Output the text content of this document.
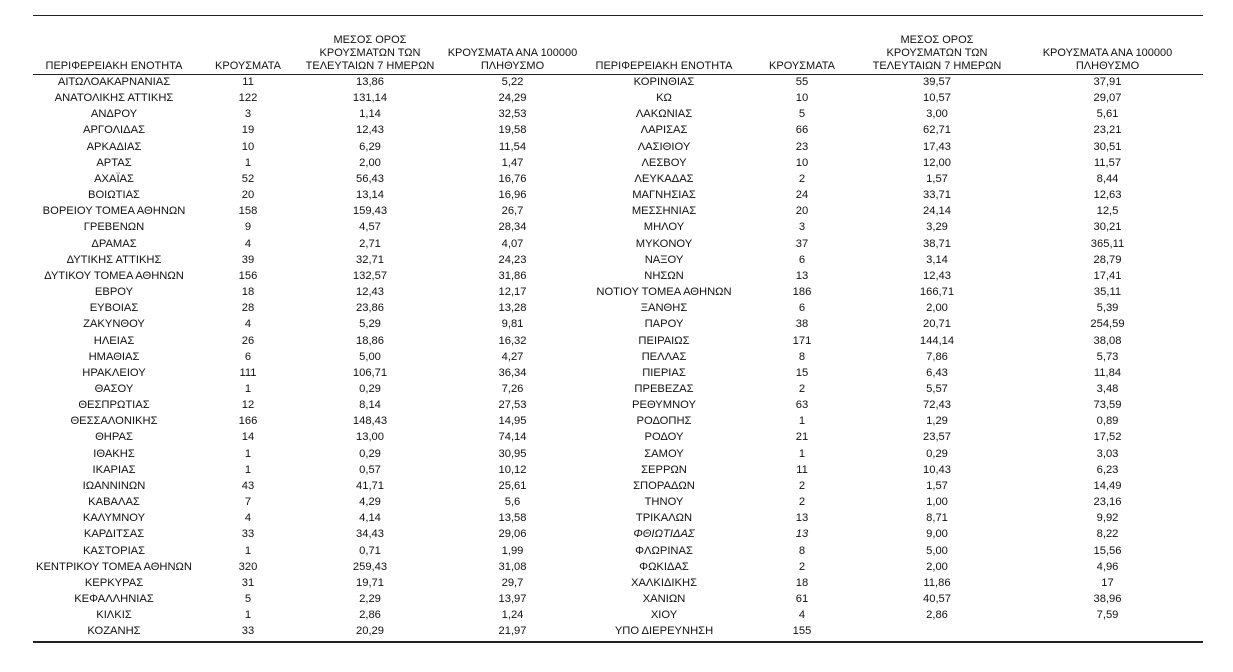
ΠΕΡΙΦΕΡΕΙΑΚΗ ΕΝΟΤΗΤΑ	ΚΡΟΥΣΜΑΤΑ	ΜΕΣΟΣ ΟΡΟΣ ΚΡΟΥΣΜΑΤΩΝ ΤΩΝ ΤΕΛΕΥΤΑΙΩΝ 7 ΗΜΕΡΩΝ	ΚΡΟΥΣΜΑΤΑ ΑΝΑ 100000 ΠΛΗΘΥΣΜΟ	ΠΕΡΙΦΕΡΕΙΑΚΗ ΕΝΟΤΗΤΑ	ΚΡΟΥΣΜΑΤΑ	ΜΕΣΟΣ ΟΡΟΣ ΚΡΟΥΣΜΑΤΩΝ ΤΩΝ ΤΕΛΕΥΤΑΙΩΝ 7 ΗΜΕΡΩΝ	ΚΡΟΥΣΜΑΤΑ ΑΝΑ 100000 ΠΛΗΘΥΣΜΟ
ΑΙΤΩΛΟΑΚΑΡΝΑΝΙΑΣ	11	13,86	5,22	ΚΟΡΙΝΘΙΑΣ	55	39,57	37,91
ΑΝΑΤΟΛΙΚΗΣ ΑΤΤΙΚΗΣ	122	131,14	24,29	ΚΩ	10	10,57	29,07
ΑΝΔΡΟΥ	3	1,14	32,53	ΛΑΚΩΝΙΑΣ	5	3,00	5,61
ΑΡΓΟΛΙΔΑΣ	19	12,43	19,58	ΛΑΡΙΣΑΣ	66	62,71	23,21
ΑΡΚΑΔΙΑΣ	10	6,29	11,54	ΛΑΣΙΘΙΟΥ	23	17,43	30,51
ΑΡΤΑΣ	1	2,00	1,47	ΛΕΣΒΟΥ	10	12,00	11,57
ΑΧΑΪΑΣ	52	56,43	16,76	ΛΕΥΚΑΔΑΣ	2	1,57	8,44
ΒΟΙΩΤΙΑΣ	20	13,14	16,96	ΜΑΓΝΗΣΙΑΣ	24	33,71	12,63
ΒΟΡΕΙΟΥ ΤΟΜΕΑ ΑΘΗΝΩΝ	158	159,43	26,7	ΜΕΣΣΗΝΙΑΣ	20	24,14	12,5
ΓΡΕΒΕΝΩΝ	9	4,57	28,34	ΜΗΛΟΥ	3	3,29	30,21
ΔΡΑΜΑΣ	4	2,71	4,07	ΜΥΚΟΝΟΥ	37	38,71	365,11
ΔΥΤΙΚΗΣ ΑΤΤΙΚΗΣ	39	32,71	24,23	ΝΑΞΟΥ	6	3,14	28,79
ΔΥΤΙΚΟΥ ΤΟΜΕΑ ΑΘΗΝΩΝ	156	132,57	31,86	ΝΗΣΩΝ	13	12,43	17,41
ΕΒΡΟΥ	18	12,43	12,17	ΝΟΤΙΟΥ ΤΟΜΕΑ ΑΘΗΝΩΝ	186	166,71	35,11
ΕΥΒΟΙΑΣ	28	23,86	13,28	ΞΑΝΘΗΣ	6	2,00	5,39
ΖΑΚΥΝΘΟΥ	4	5,29	9,81	ΠΑΡΟΥ	38	20,71	254,59
ΗΛΕΙΑΣ	26	18,86	16,32	ΠΕΙΡΑΙΩΣ	171	144,14	38,08
ΗΜΑΘΙΑΣ	6	5,00	4,27	ΠΕΛΛΑΣ	8	7,86	5,73
ΗΡΑΚΛΕΙΟΥ	111	106,71	36,34	ΠΙΕΡΙΑΣ	15	6,43	11,84
ΘΑΣΟΥ	1	0,29	7,26	ΠΡΕΒΕΖΑΣ	2	5,57	3,48
ΘΕΣΠΡΩΤΙΑΣ	12	8,14	27,53	ΡΕΘΥΜΝΟΥ	63	72,43	73,59
ΘΕΣΣΑΛΟΝΙΚΗΣ	166	148,43	14,95	ΡΟΔΟΠΗΣ	1	1,29	0,89
ΘΗΡΑΣ	14	13,00	74,14	ΡΟΔΟΥ	21	23,57	17,52
ΙΘΑΚΗΣ	1	0,29	30,95	ΣΑΜΟΥ	1	0,29	3,03
ΙΚΑΡΙΑΣ	1	0,57	10,12	ΣΕΡΡΩΝ	11	10,43	6,23
ΙΩΑΝΝΙΝΩΝ	43	41,71	25,61	ΣΠΟΡΑΔΩΝ	2	1,57	14,49
ΚΑΒΑΛΑΣ	7	4,29	5,6	ΤΗΝΟΥ	2	1,00	23,16
ΚΑΛΥΜΝΟΥ	4	4,14	13,58	ΤΡΙΚΑΛΩΝ	13	8,71	9,92
ΚΑΡΔΙΤΣΑΣ	33	34,43	29,06	ΦΘΙΩΤΙΔΑΣ	13	9,00	8,22
ΚΑΣΤΟΡΙΑΣ	1	0,71	1,99	ΦΛΩΡΙΝΑΣ	8	5,00	15,56
ΚΕΝΤΡΙΚΟΥ ΤΟΜΕΑ ΑΘΗΝΩΝ	320	259,43	31,08	ΦΩΚΙΔΑΣ	2	2,00	4,96
ΚΕΡΚΥΡΑΣ	31	19,71	29,7	ΧΑΛΚΙΔΙΚΗΣ	18	11,86	17
ΚΕΦΑΛΛΗΝΙΑΣ	5	2,29	13,97	ΧΑΝΙΩΝ	61	40,57	38,96
ΚΙΛΚΙΣ	1	2,86	1,24	ΧΙΟΥ	4	2,86	7,59
ΚΟΖΑΝΗΣ	33	20,29	21,97	ΥΠΟ ΔΙΕΡΕΥΝΗΣΗ	155		
